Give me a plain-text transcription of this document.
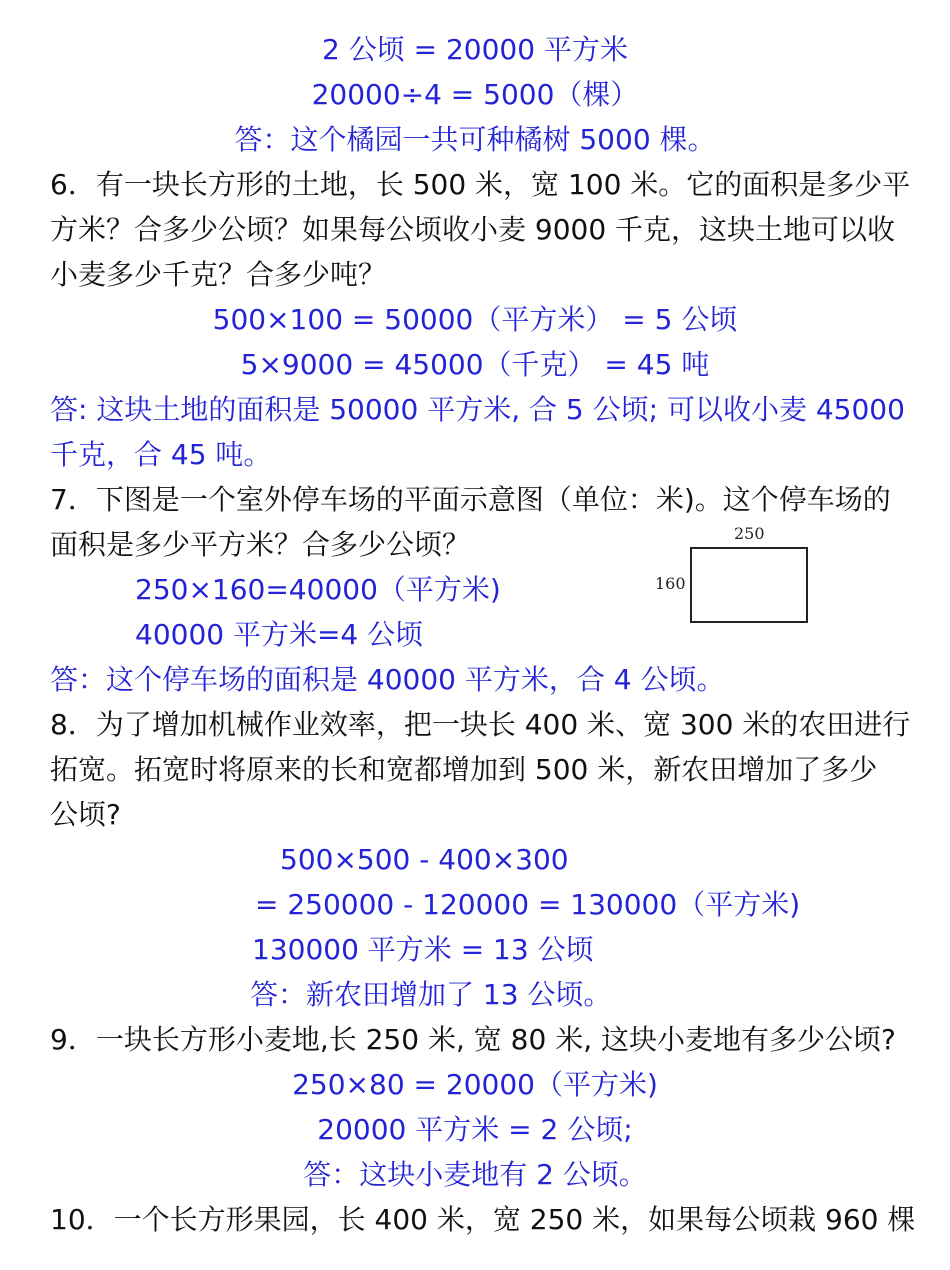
2 公顷 = 20000 平方米
20000÷4 = 5000（棵）
答：这个橘园一共可种橘树 5000 棵。
6．有一块长方形的土地，长 500 米，宽 100 米。它的面积是多少平
方米？合多少公顷？如果每公顷收小麦 9000 千克，这块土地可以收
小麦多少千克？合多少吨？
500×100 = 50000（平方米） = 5 公顷
5×9000 = 45000（千克） = 45 吨
答: 这块土地的面积是 50000 平方米, 合 5 公顷; 可以收小麦 45000
千克，合 45 吨。
7．下图是一个室外停车场的平面示意图（单位：米)。这个停车场的
面积是多少平方米？合多少公顷？
250×160=40000（平方米)
40000 平方米=4 公顷
答：这个停车场的面积是 40000 平方米，合 4 公顷。
250
160
8．为了增加机械作业效率，把一块长 400 米、宽 300 米的农田进行
拓宽。拓宽时将原来的长和宽都增加到 500 米，新农田增加了多少
公顷?
500×500 - 400×300
= 250000 - 120000 = 130000（平方米)
130000 平方米 = 13 公顷
答：新农田增加了 13 公顷。
9．一块长方形小麦地,长 250 米, 宽 80 米, 这块小麦地有多少公顷?
250×80 = 20000（平方米)
20000 平方米 = 2 公顷;
答：这块小麦地有 2 公顷。
10．一个长方形果园，长 400 米，宽 250 米，如果每公顷栽 960 棵
